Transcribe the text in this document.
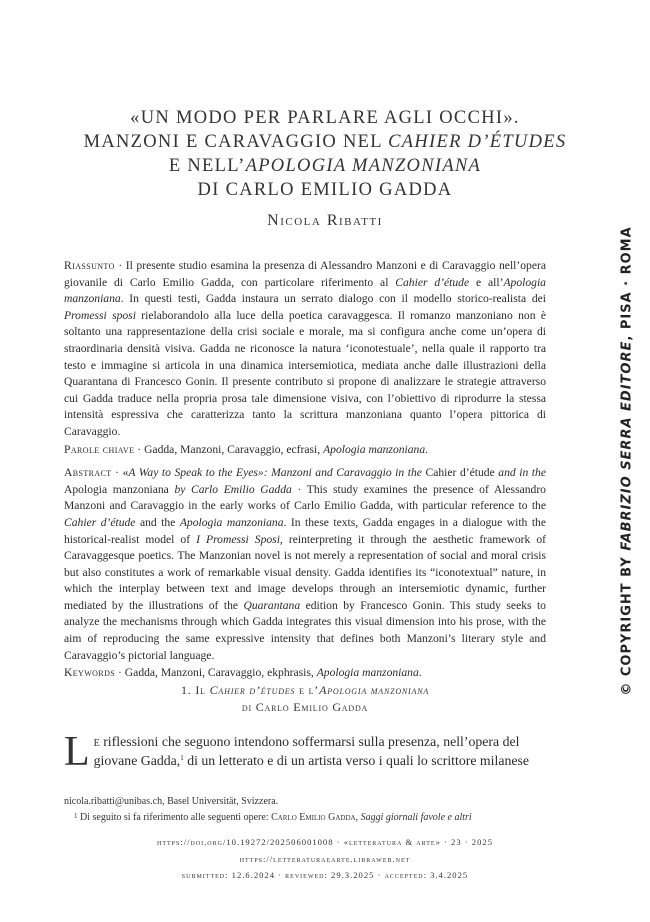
«UN MODO PER PARLARE AGLI OCCHI».
MANZONI E CARAVAGGIO NEL CAHIER D’ÉTUDES
E NELL’APOLOGIA MANZONIANA
DI CARLO EMILIO GADDA
Nicola Ribatti

Riassunto · Il presente studio esamina la presenza di Alessandro Manzoni e di Caravaggio nell’opera giovanile di Carlo Emilio Gadda, con particolare riferimento al Cahier d’étude e all’Apologia manzoniana. In questi testi, Gadda instaura un serrato dialogo con il modello storico-realista dei Promessi sposi rielaborandolo alla luce della poetica caravaggesca. Il romanzo manzoniano non è soltanto una rappresentazione della crisi sociale e morale, ma si configura anche come un’opera di straordinaria densità visiva. Gadda ne riconosce la natura ‘iconotestuale’, nella quale il rapporto tra testo e immagine si articola in una dinamica intersemiotica, mediata anche dalle illustrazioni della Quarantana di Francesco Gonin. Il presente contributo si propone di analizzare le strategie attraverso cui Gadda traduce nella propria prosa tale dimensione visiva, con l’obiettivo di riprodurre la stessa intensità espressiva che caratterizza tanto la scrittura manzoniana quanto l’opera pittorica di Caravaggio.

Parole chiave · Gadda, Manzoni, Caravaggio, ecfrasi, Apologia manzoniana.

Abstract · «A Way to Speak to the Eyes»: Manzoni and Caravaggio in the Cahier d’étude and in the Apologia manzoniana by Carlo Emilio Gadda · This study examines the presence of Alessandro Manzoni and Caravaggio in the early works of Carlo Emilio Gadda, with particular reference to the Cahier d’étude and the Apologia manzoniana. In these texts, Gadda engages in a dialogue with the historical-realist model of I Promessi Sposi, reinterpreting it through the aesthetic framework of Caravaggesque poetics. The Manzonian novel is not merely a representation of social and moral crisis but also constitutes a work of remarkable visual density. Gadda identifies its “iconotextual” nature, in which the interplay between text and image develops through an intersemiotic dynamic, further mediated by the illustrations of the Quarantana edition by Francesco Gonin. This study seeks to analyze the mechanisms through which Gadda integrates this visual dimension into his prose, with the aim of reproducing the same expressive intensity that defines both Manzoni’s literary style and Caravaggio’s pictorial language.

Keywords · Gadda, Manzoni, Caravaggio, ekphrasis, Apologia manzoniana.	© COPYRIGHT BY FABRIZIO SERRA EDITORE, PISA · ROMA
1. Il Cahier d’études e l’Apologia manzoniana
di Carlo Emilio Gadda
L e riflessioni che seguono intendono soffermarsi sulla presenza, nell’opera del
giovane Gadda,$^1$ di un letterato e di un artista verso i quali lo scrittore milanese
nicola.ribatti@unibas.ch, Basel Universität, Svizzera.
$^1$ Di seguito si fa riferimento alle seguenti opere: Carlo Emilio Gadda, Saggi giornali favole e altri
https://doi.org/10.19272/202506001008 · «letteratura & arte» · 23 · 2025
https://letteraturaearte.libraweb.net
submitted: 12.6.2024 · reviewed: 29.3.2025 · accepted: 3.4.2025
